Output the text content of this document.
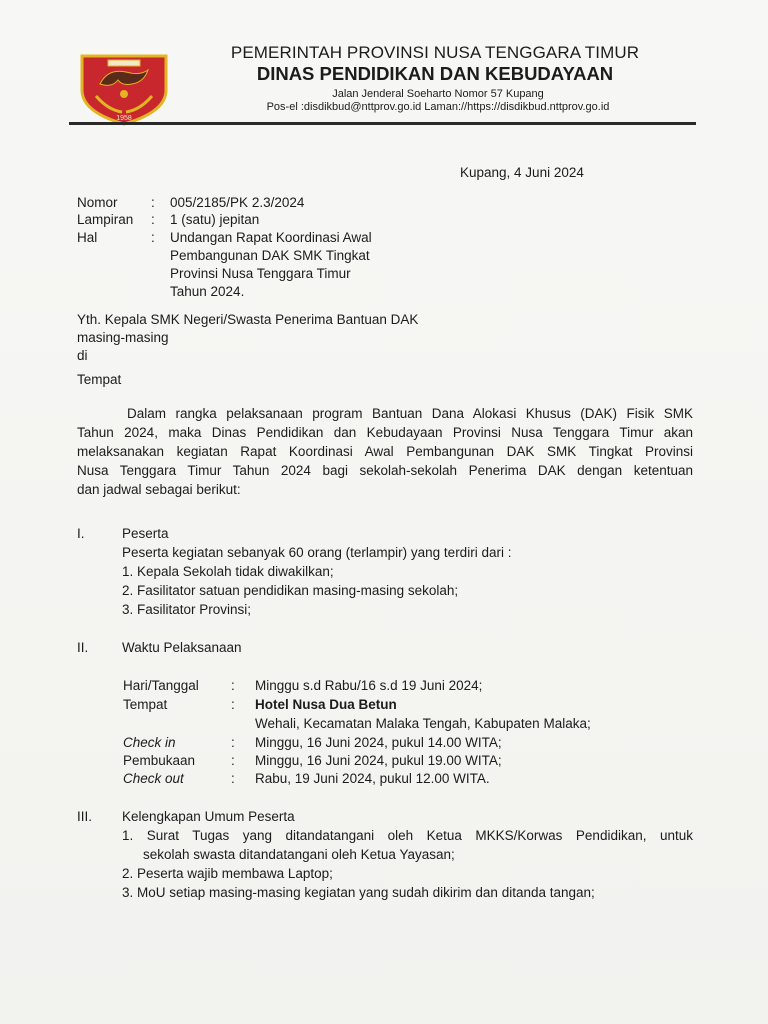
1958
PEMERINTAH PROVINSI NUSA TENGGARA TIMUR
DINAS PENDIDIKAN DAN KEBUDAYAAN
Jalan Jenderal Soeharto Nomor 57 Kupang
Pos-el :disdikbud@nttprov.go.id Laman://https://disdikbud.nttprov.go.id
Kupang, 4 Juni 2024
Nomor : 005/2185/PK 2.3/2024
Lampiran : 1 (satu) jepitan
Hal	: Undangan Rapat Koordinasi Awal
Pembangunan DAK SMK Tingkat
Provinsi Nusa Tenggara Timur
Tahun 2024.
Yth. Kepala SMK Negeri/Swasta Penerima Bantuan DAK
masing-masing
di
Tempat
Dalam rangka pelaksanaan program Bantuan Dana Alokasi Khusus (DAK) Fisik SMK
Tahun 2024, maka Dinas Pendidikan dan Kebudayaan Provinsi Nusa Tenggara Timur akan
melaksanakan kegiatan Rapat Koordinasi Awal Pembangunan DAK SMK Tingkat Provinsi
Nusa Tenggara Timur Tahun 2024 bagi sekolah-sekolah Penerima DAK dengan ketentuan
dan jadwal sebagai berikut:
I.	Peserta
Peserta kegiatan sebanyak 60 orang (terlampir) yang terdiri dari :
1. Kepala Sekolah tidak diwakilkan;
2. Fasilitator satuan pendidikan masing-masing sekolah;
3. Fasilitator Provinsi;
II. Waktu Pelaksanaan
Hari/Tanggal : Minggu s.d Rabu/16 s.d 19 Juni 2024;
Tempat	: Hotel Nusa Dua Betun
Wehali, Kecamatan Malaka Tengah, Kabupaten Malaka;
Check in	: Minggu, 16 Juni 2024, pukul 14.00 WITA;
Pembukaan	: Minggu, 16 Juni 2024, pukul 19.00 WITA;
Check out	: Rabu, 19 Juni 2024, pukul 12.00 WITA.
III. Kelengkapan Umum Peserta
1. Surat Tugas yang ditandatangani oleh Ketua MKKS/Korwas Pendidikan, untuk
sekolah swasta ditandatangani oleh Ketua Yayasan;
2. Peserta wajib membawa Laptop;
3. MoU setiap masing-masing kegiatan yang sudah dikirim dan ditanda tangan;
